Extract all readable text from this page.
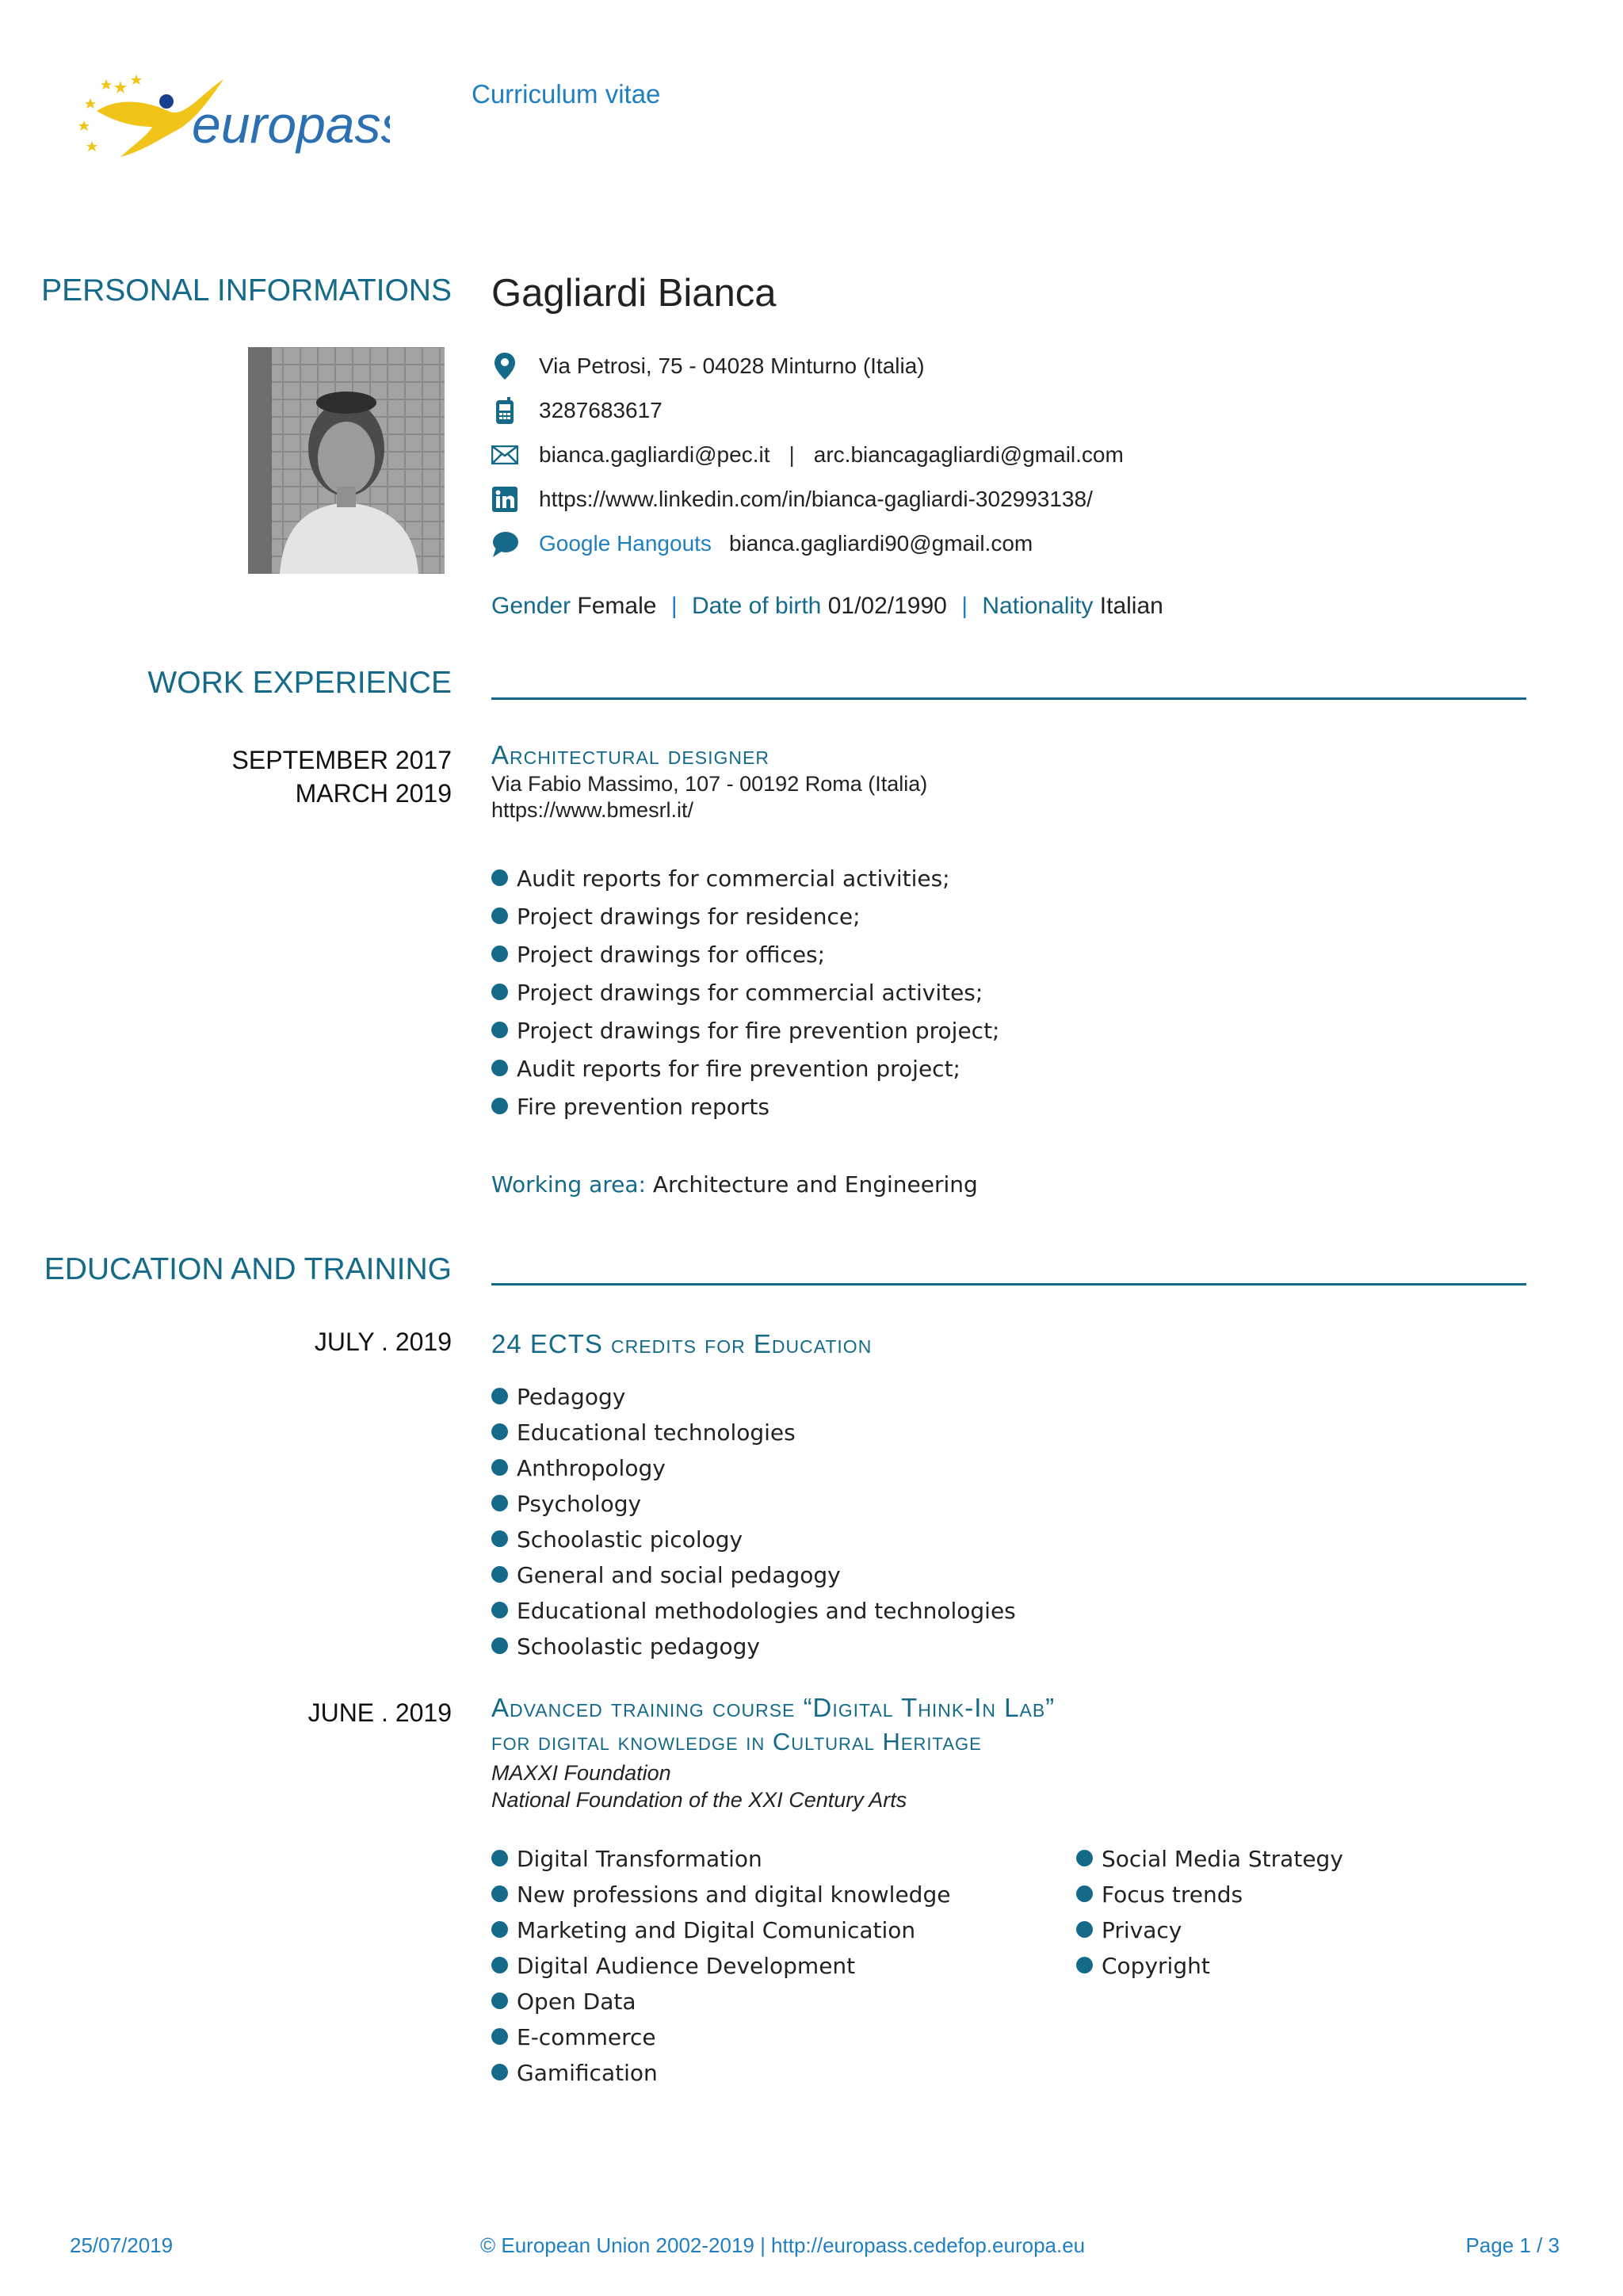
europass
Curriculum vitae
PERSONAL INFORMATIONS Gagliardi Bianca
Via Petrosi, 75 - 04028 Minturno (Italia)
3287683617
bianca.gagliardi@pec.it | arc.biancagagliardi@gmail.com
https://www.linkedin.com/in/bianca-gagliardi-302993138/
Google Hangouts bianca.gagliardi90@gmail.com
Gender Female | Date of birth 01/02/1990 | Nationality Italian
WORK EXPERIENCE
SEPTEMBER 2017
MARCH 2019
Architectural designer
Via Fabio Massimo, 107 - 00192 Roma (Italia)
https://www.bmesrl.it/
Audit reports for commercial activities;
Project drawings for residence;
Project drawings for offices;
Project drawings for commercial activites;
Project drawings for fire prevention project;
Audit reports for fire prevention project;
Fire prevention reports
Working area: Architecture and Engineering
EDUCATION AND TRAINING
JULY . 2019 24 ECTS credits for Education
Pedagogy
Educational technologies
Anthropology
Psychology
Schoolastic picology
General and social pedagogy
Educational methodologies and technologies
Schoolastic pedagogy
JUNE . 2019 Advanced training course “Digital Think-In Lab”
for digital knowledge in Cultural Heritage
MAXXI Foundation
National Foundation of the XXI Century Arts
Digital Transformation
New professions and digital knowledge
Marketing and Digital Comunication
Digital Audience Development
Open Data
E-commerce
Gamification
Social Media Strategy
Focus trends
Privacy
Copyright
25/07/2019	© European Union 2002-2019 | http://europass.cedefop.europa.eu	Page 1 / 3
